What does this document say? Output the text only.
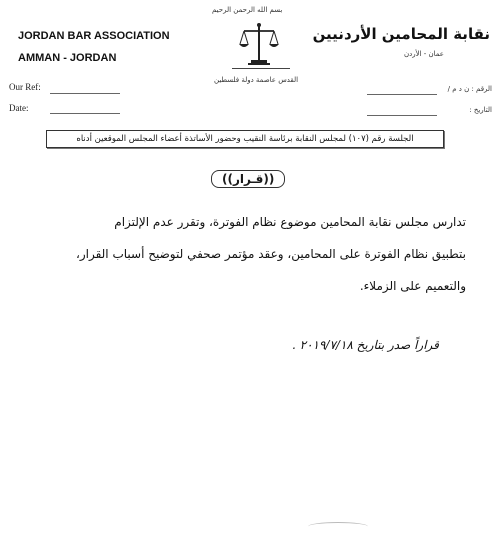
بسم الله الرحمن الرحيم
JORDAN BAR ASSOCIATION
AMMAN - JORDAN
نقابة المحامين الأردنيين
عمان - الأردن
القدس عاصمة دولة فلسطين
Our Ref:
Date:
الرقم : ن د م /
التاريخ :
الجلسة رقم (١٠٧) لمجلس النقابة برئاسة النقيب وحضور الأساتذة أعضاء المجلس الموقعين أدناه
((قـرار))
تدارس مجلس نقابة المحامين موضوع نظام الفوترة، وتقرر عدم الإلتزام
بتطبيق نظام الفوترة على المحامين، وعقد مؤتمر صحفي لتوضيح أسباب القرار،
والتعميم على الزملاء.
قراراً صدر بتاريخ ٢٠١٩/٧/١٨ .
